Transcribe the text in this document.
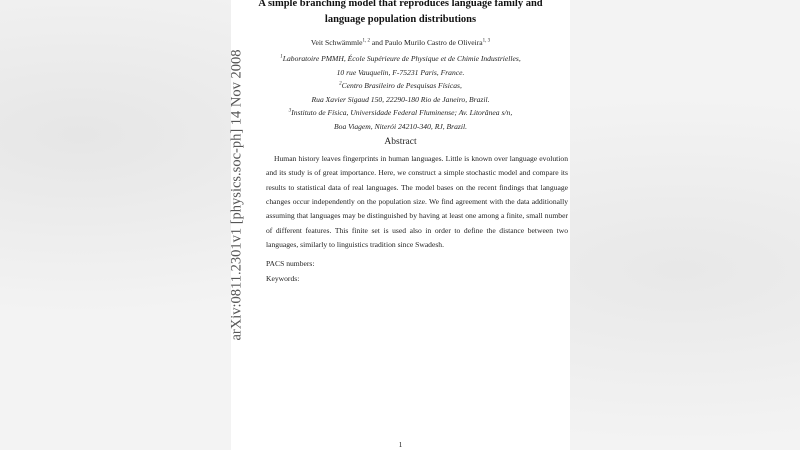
arXiv:0811.2301v1 [physics.soc-ph] 14 Nov 2008
A simple branching model that reproduces language family and
language population distributions
Veit Schwämmle$^{1, 2}$ and Paulo Murilo Castro de Oliveira$^{1, 3}$
$^1$Laboratoire PMMH, École Supérieure de Physique et de Chimie Industrielles,
10 rue Vauquelin, F-75231 Paris, France.
$^2$Centro Brasileiro de Pesquisas Físicas,
Rua Xavier Sigaud 150, 22290-180 Rio de Janeiro, Brazil.
$^3$Instituto de Física, Universidade Federal Fluminense; Av. Litorânea s/n,
Boa Viagem, Niterói 24210-340, RJ, Brazil.
Abstract
Human history leaves fingerprints in human languages. Little is known over language evolution
and its study is of great importance. Here, we construct a simple stochastic model and compare its
results to statistical data of real languages. The model bases on the recent findings that language
changes occur independently on the population size. We find agreement with the data additionally
assuming that languages may be distinguished by having at least one among a finite, small number
of different features. This finite set is used also in order to define the distance between two
languages, similarly to linguistics tradition since Swadesh.
PACS numbers:
Keywords:
1
